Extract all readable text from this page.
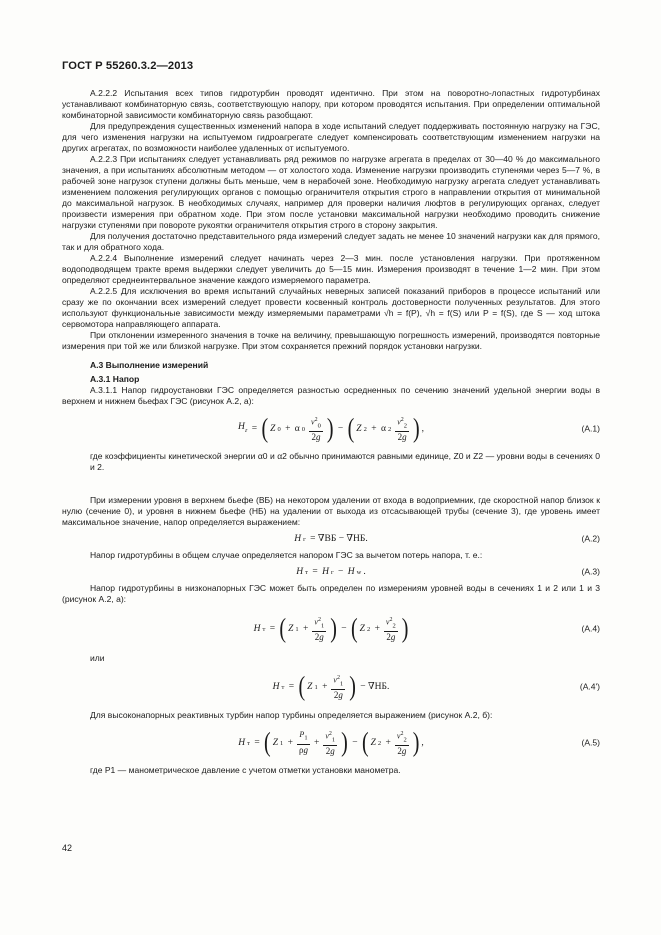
ГОСТ Р 55260.3.2—2013

A.2.2.2 Испытания всех типов гидротурбин проводят идентично. При этом на поворотно-лопастных гидротурбинах устанавливают комбинаторную связь, соответствующую напору, при котором проводятся испытания. При определении оптимальной комбинаторной зависимости комбинаторную связь разобщают.

Для предупреждения существенных изменений напора в ходе испытаний следует поддерживать постоянную нагрузку на ГЭС, для чего изменения нагрузки на испытуемом гидроагрегате следует компенсировать соответствующим изменением нагрузки на других агрегатах, по возможности наиболее удаленных от испытуемого.

A.2.2.3 При испытаниях следует устанавливать ряд режимов по нагрузке агрегата в пределах от 30—40 % до максимального значения, а при испытаниях абсолютным методом — от холостого хода. Изменение нагрузки производить ступенями через 5—7 %, в рабочей зоне нагрузок ступени должны быть меньше, чем в нерабочей зоне. Необходимую нагрузку агрегата следует устанавливать изменением положения регулирующих органов с помощью ограничителя открытия строго в направлении открытия от минимальной до максимальной нагрузок. В необходимых случаях, например для проверки наличия люфтов в регулирующих органах, следует произвести измерения при обратном ходе. При этом после установки максимальной нагрузки необходимо проводить снижение нагрузки ступенями при повороте рукоятки ограничителя открытия строго в сторону закрытия.

Для получения достаточно представительного ряда измерений следует задать не менее 10 значений нагрузки как для прямого, так и для обратного хода.

A.2.2.4 Выполнение измерений следует начинать через 2—3 мин. после установления нагрузки. При протяженном водоподводящем тракте время выдержки следует увеличить до 5—15 мин. Измерения производят в течение 1—2 мин. При этом определяют среднеинтервальное значение каждого измеряемого параметра.

A.2.2.5 Для исключения во время испытаний случайных неверных записей показаний приборов в процессе испытаний или сразу же по окончании всех измерений следует провести косвенный контроль достоверности полученных результатов. Для этого используют функциональные зависимости между измеряемыми параметрами √h = f(P), √h = f(S) или P = f(S), где S — ход штока сервомотора направляющего аппарата.

При отклонении измеренного значения в точке на величину, превышающую погрешность измерений, производятся повторные измерения при той же или близкой нагрузке. При этом сохраняется прежний порядок установки нагрузки.

A.3 Выполнение измерений

A.3.1 Напор

A.3.1.1 Напор гидроустановки ГЭС определяется разностью осредненных по сечению значений удельной энергии воды в верхнем и нижнем бьефах ГЭС (рисунок A.2, а):

$H_г$ = ( Z 0 + α $0 \frac{v^2_0}{2g}$ ) − ( Z 2 + α $2 \frac{v^2_2}{2g}$ ) ,	(A.1)

где коэффициенты кинетической энергии α0 и α2 обычно принимаются равными единице, Z0 и Z2 — уровни воды в сечениях 0 и 2.

При измерении уровня в верхнем бьефе (ВБ) на некотором удалении от входа в водоприемник, где скоростной напор близок к нулю (сечение 0), и уровня в нижнем бьефе (НБ) на удалении от выхода из отсасывающей трубы (сечение 3), где уровень имеет максимальное значение, напор определяется выражением:

H г = ∇ВБ − ∇НБ.	(A.2)

Напор гидротурбины в общем случае определяется напором ГЭС за вычетом потерь напора, т. е.:

H т = H г − H w .	(A.3)

Напор гидротурбины в низконапорных ГЭС может быть определен по измерениям уровней воды в сечениях 1 и 2 или 1 и 3 (рисунок A.2, а):

H т = ( Z $1 + \frac{v^2_1}{2g}$ ) − ( Z $2 + \frac{v^2_2}{2g}$ )	(A.4)

или

H т = ( Z $1 + \frac{v^2_1}{2g}$ ) − ∇НБ.	(A.4')

Для высоконапорных реактивных турбин напор турбины определяется выражением (рисунок A.2, б):

H т = ( Z $1 + \frac{P_1}{\rho g} + \frac{v^2_1}{2g}$ ) − ( Z $2 + \frac{v^2_2}{2g}$ ) ,	(A.5)

где P1 — манометрическое давление с учетом отметки установки манометра.

42
